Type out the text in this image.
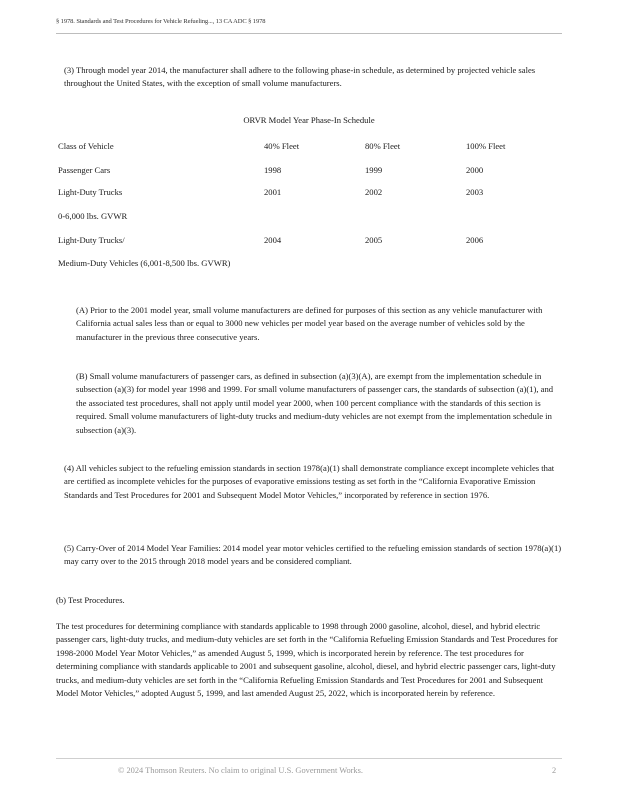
§ 1978. Standards and Test Procedures for Vehicle Refueling..., 13 CA ADC § 1978

(3) Through model year 2014, the manufacturer shall adhere to the following phase-in schedule, as determined by projected vehicle sales throughout the United States, with the exception of small volume manufacturers.

ORVR Model Year Phase-In Schedule
Class of Vehicle	40% Fleet	80% Fleet	100% Fleet
Passenger Cars	1998	1999	2000
Light-Duty Trucks	2001	2002	2003
0-6,000 lbs. GVWR
Light-Duty Trucks/	2004	2005	2006
Medium-Duty Vehicles (6,001-8,500 lbs. GVWR)

(A) Prior to the 2001 model year, small volume manufacturers are defined for purposes of this section as any vehicle manufacturer with California actual sales less than or equal to 3000 new vehicles per model year based on the average number of vehicles sold by the manufacturer in the previous three consecutive years.

(B) Small volume manufacturers of passenger cars, as defined in subsection (a)(3)(A), are exempt from the implementation schedule in subsection (a)(3) for model year 1998 and 1999. For small volume manufacturers of passenger cars, the standards of subsection (a)(1), and the associated test procedures, shall not apply until model year 2000, when 100 percent compliance with the standards of this section is required. Small volume manufacturers of light-duty trucks and medium-duty vehicles are not exempt from the implementation schedule in subsection (a)(3).

(4) All vehicles subject to the refueling emission standards in section 1978(a)(1) shall demonstrate compliance except incomplete vehicles that are certified as incomplete vehicles for the purposes of evaporative emissions testing as set forth in the “California Evaporative Emission Standards and Test Procedures for 2001 and Subsequent Model Motor Vehicles,” incorporated by reference in section 1976.

(5) Carry-Over of 2014 Model Year Families: 2014 model year motor vehicles certified to the refueling emission standards of section 1978(a)(1) may carry over to the 2015 through 2018 model years and be considered compliant.

(b) Test Procedures.

The test procedures for determining compliance with standards applicable to 1998 through 2000 gasoline, alcohol, diesel, and hybrid electric passenger cars, light-duty trucks, and medium-duty vehicles are set forth in the “California Refueling Emission Standards and Test Procedures for 1998-2000 Model Year Motor Vehicles,” as amended August 5, 1999, which is incorporated herein by reference. The test procedures for determining compliance with standards applicable to 2001 and subsequent gasoline, alcohol, diesel, and hybrid electric passenger cars, light-duty trucks, and medium-duty vehicles are set forth in the “California Refueling Emission Standards and Test Procedures for 2001 and Subsequent Model Motor Vehicles,” adopted August 5, 1999, and last amended August 25, 2022, which is incorporated herein by reference.

© 2024 Thomson Reuters. No claim to original U.S. Government Works.	2
